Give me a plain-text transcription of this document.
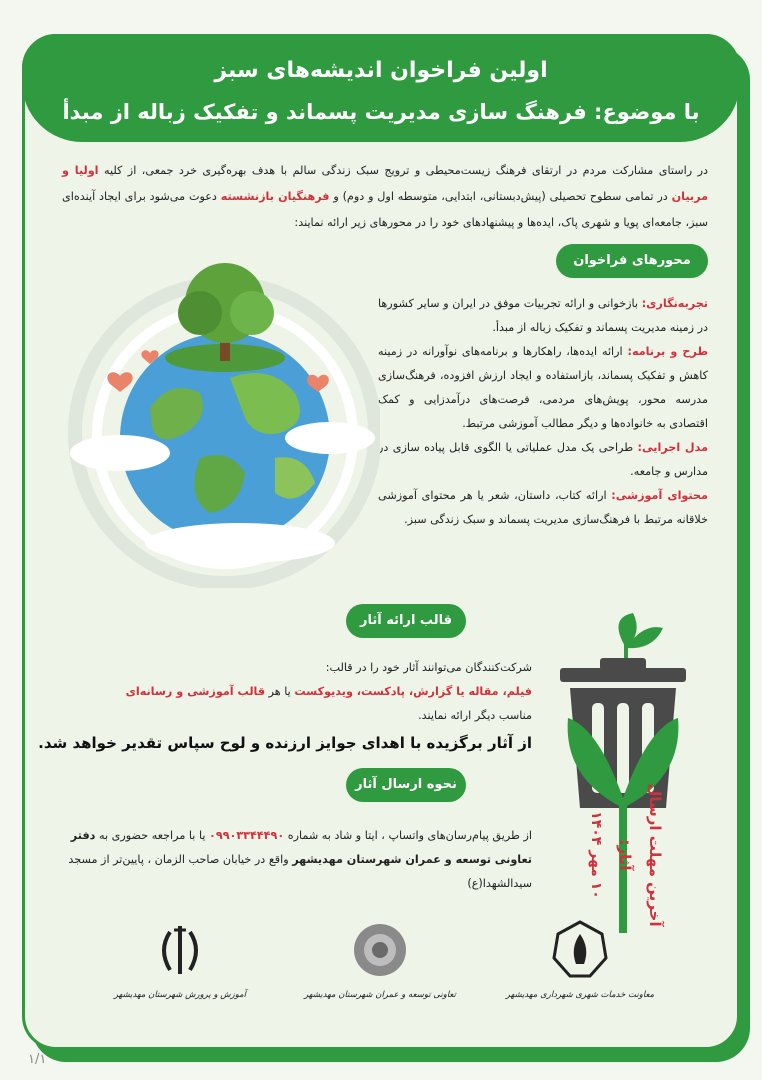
اولین فراخوان اندیشه‌های سبز
با موضوع: فرهنگ سازی مدیریت پسماند و تفکیک زباله از مبدأ
در راستای مشارکت مردم در ارتقای فرهنگ زیست‌محیطی و ترویج سبک زندگی سالم با هدف بهره‌گیری خرد جمعی، از کلیه اولیا و مربیان در تمامی سطوح تحصیلی (پیش‌دبستانی، ابتدایی، متوسطه اول و دوم) و فرهنگیان بازنشسته دعوت می‌شود برای ایجاد آینده‌ای سبز، جامعه‌ای پویا و شهری پاک، ایده‌ها و پیشنهادهای خود را در محورهای زیر ارائه نمایند:
محورهای فراخوان
تجربه‌نگاری: بازخوانی و ارائه تجربیات موفق در ایران و سایر کشورها در زمینه مدیریت پسماند و تفکیک زباله از مبدأ.
طرح و برنامه: ارائه ایده‌ها، راهکارها و برنامه‌های نوآورانه در زمینه کاهش و تفکیک پسماند، بازاستفاده و ایجاد ارزش افزوده، فرهنگ‌سازی مدرسه محور، پویش‌های مردمی، فرصت‌های درآمدزایی و کمک اقتصادی به خانواده‌ها و دیگر مطالب آموزشی مرتبط.
مدل اجرایی: طراحی یک مدل عملیاتی یا الگوی قابل پیاده سازی در مدارس و جامعه.
محتوای آموزشی: ارائه کتاب، داستان، شعر یا هر محتوای آموزشی خلاقانه مرتبط با فرهنگ‌سازی مدیریت پسماند و سبک زندگی سبز.
قالب ارائه آثار
شرکت‌کنندگان می‌توانند آثار خود را در قالب:
فیلم، مقاله یا گزارش، پادکست، ویدیوکست یا هر قالب آموزشی و رسانه‌ای
مناسب دیگر ارائه نمایند.
از آثار برگزیده با اهدای جوایز ارزنده و لوح سپاس تقدیر خواهد شد.
نحوه ارسال آثار
از طریق پیام‌رسان‌های واتساپ ، ایتا و شاد به شماره ۰۹۹۰۳۳۴۴۴۹۰ یا با مراجعه حضوری به دفتر تعاونی توسعه و عمران شهرستان مهدیشهر واقع در خیابان صاحب الزمان ، پایین‌تر از مسجد سیدالشهدا(ع)	آخرین مهلت ارسال آثار:
۱۰ مهر ۱۴۰۴
معاونت خدمات شهری شهرداری مهدیشهر
تعاونی توسعه و عمران شهرستان مهدیشهر
آموزش و پرورش شهرستان مهدیشهر
۱/۱
